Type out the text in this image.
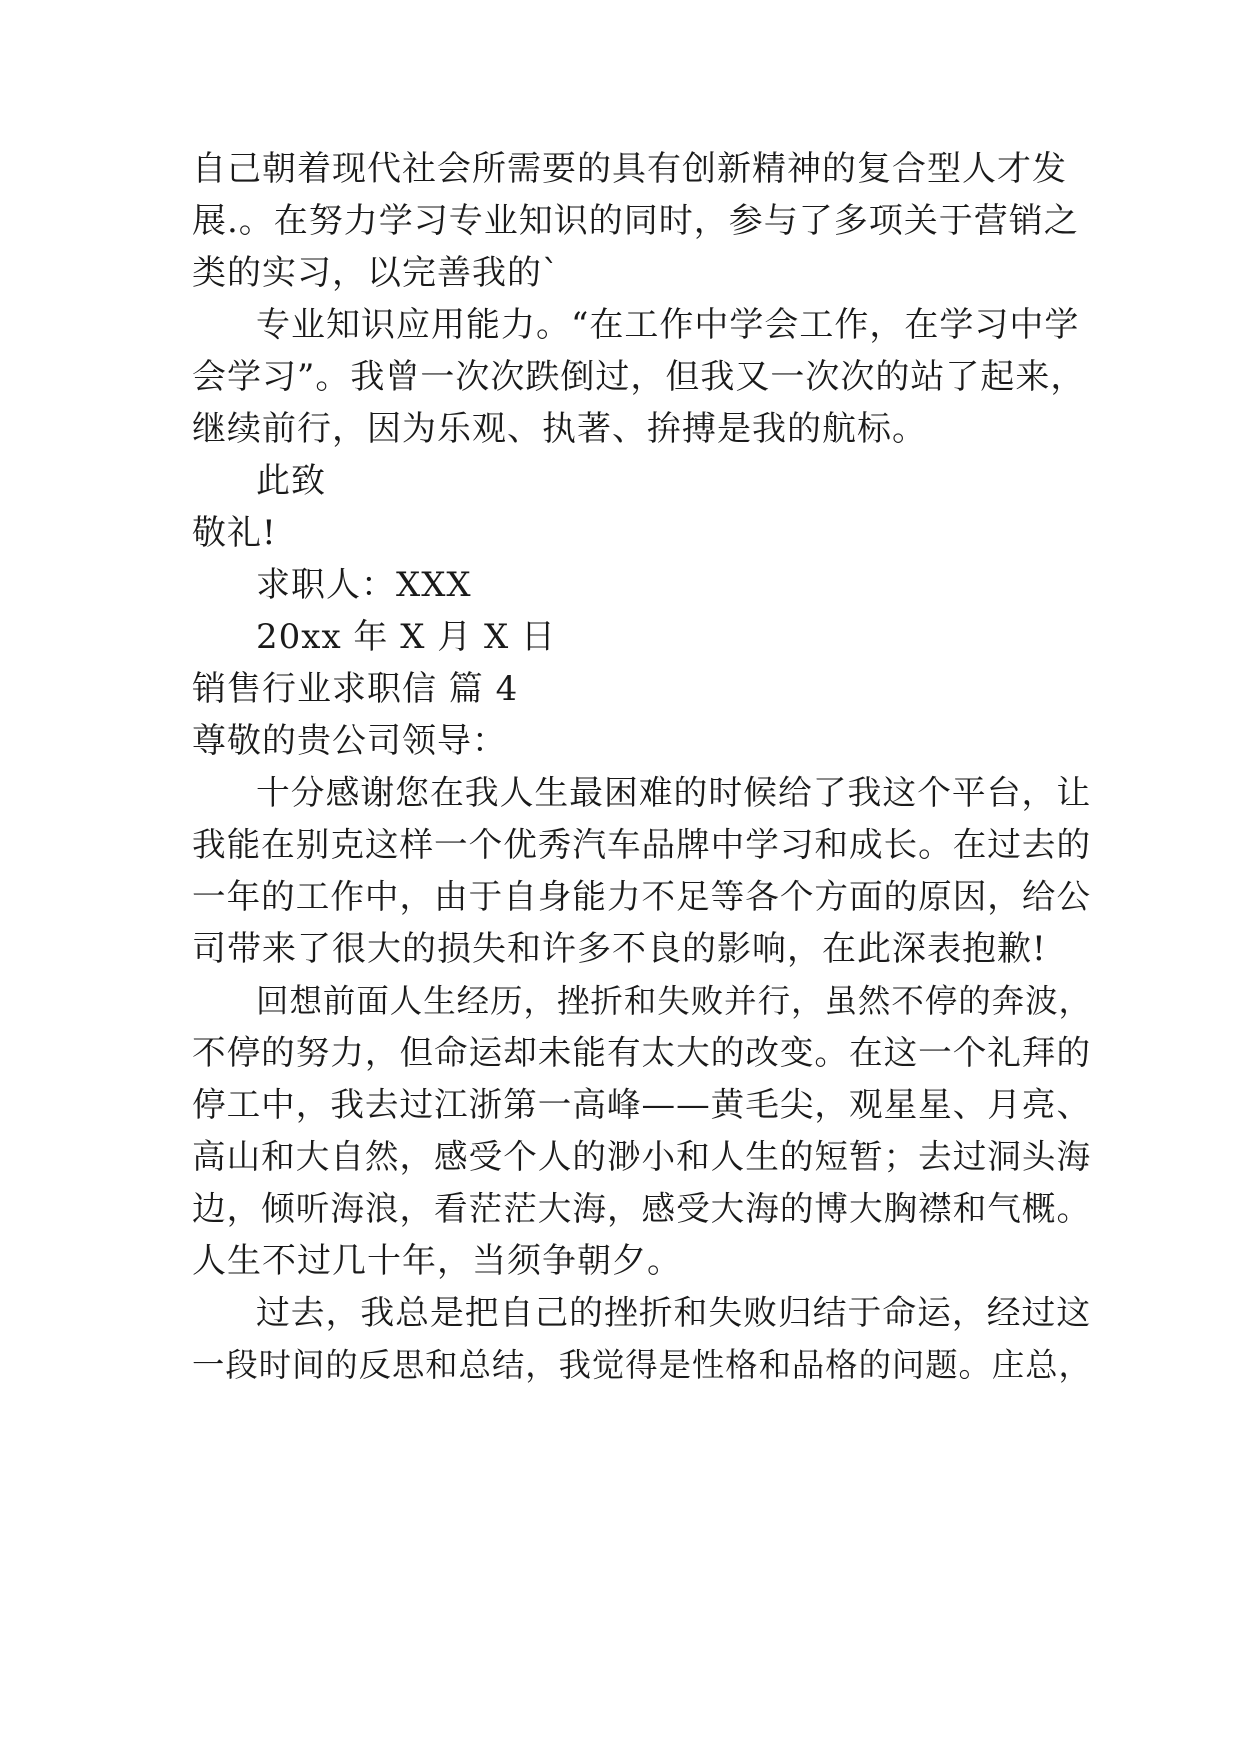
自己朝着现代社会所需要的具有创新精神的复合型人才发
展.。在努力学习专业知识的同时，参与了多项关于营销之
类的实习，以完善我的`
专业知识应用能力。“在工作中学会工作，在学习中学
会学习”。我曾一次次跌倒过，但我又一次次的站了起来，
继续前行，因为乐观、执著、拚搏是我的航标。
此致
敬礼!
求职人：XXX
20xx 年 X 月 X 日
销售行业求职信 篇 4
尊敬的贵公司领导：
十分感谢您在我人生最困难的时候给了我这个平台，让
我能在别克这样一个优秀汽车品牌中学习和成长。在过去的
一年的工作中，由于自身能力不足等各个方面的原因，给公
司带来了很大的损失和许多不良的影响，在此深表抱歉!
回想前面人生经历，挫折和失败并行，虽然不停的奔波，
不停的努力，但命运却未能有太大的改变。在这一个礼拜的
停工中，我去过江浙第一高峰——黄毛尖，观星星、月亮、
高山和大自然，感受个人的渺小和人生的短暂；去过洞头海
边，倾听海浪，看茫茫大海，感受大海的博大胸襟和气概。
人生不过几十年，当须争朝夕。
过去，我总是把自己的挫折和失败归结于命运，经过这
一段时间的反思和总结，我觉得是性格和品格的问题。庄总，
